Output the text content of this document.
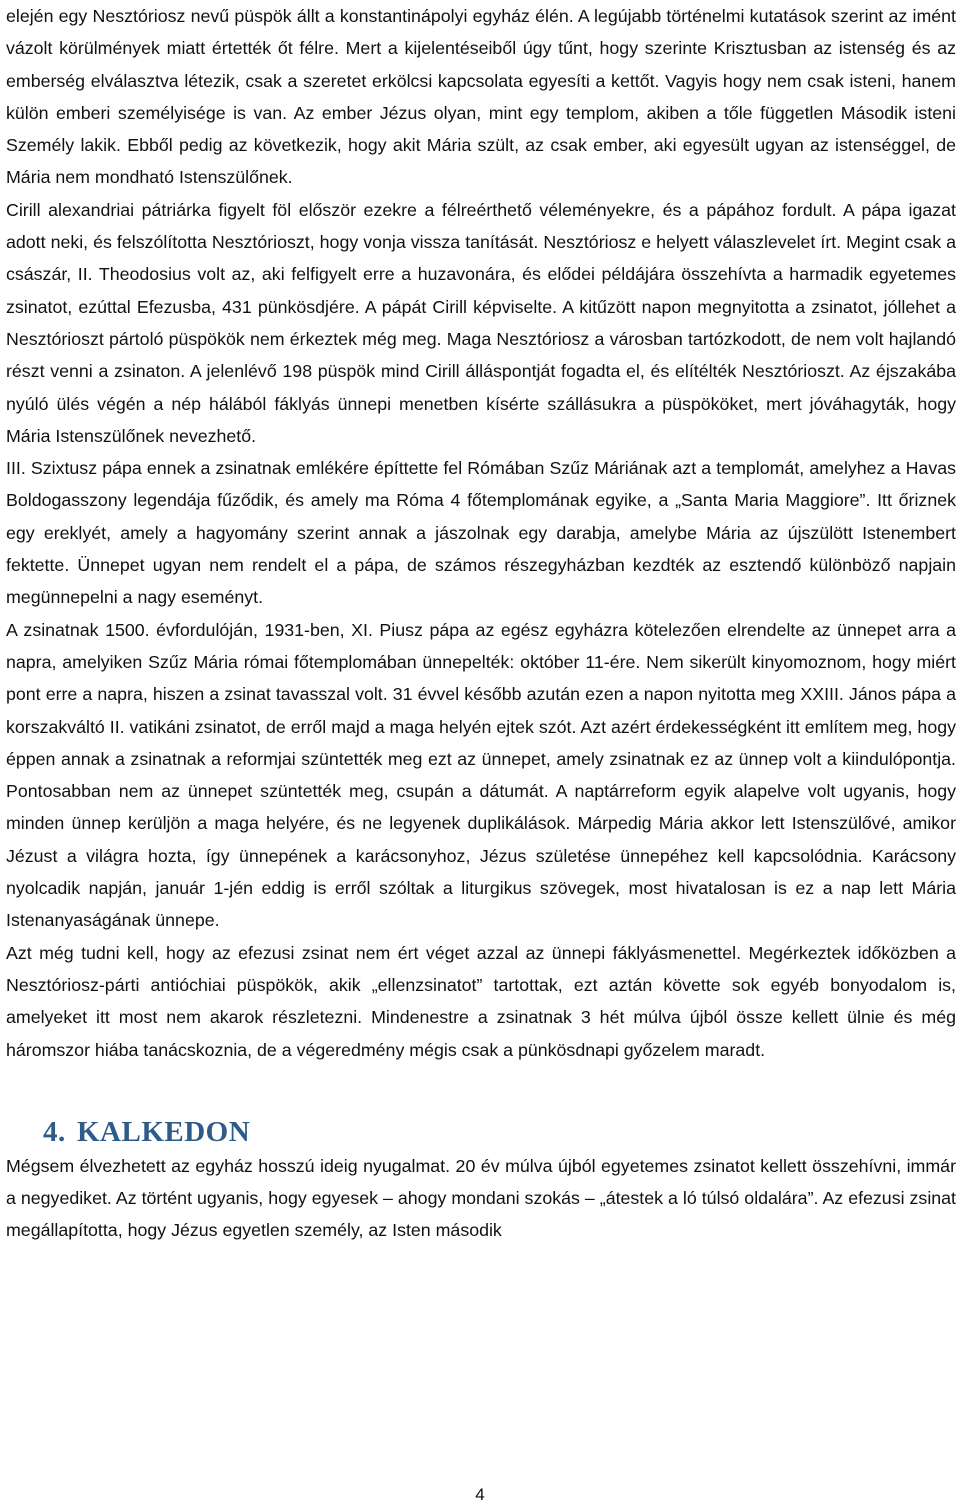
elején egy Nesztóriosz nevű püspök állt a konstantinápolyi egyház élén. A legújabb történelmi kutatások szerint az imént vázolt körülmények miatt értették őt félre. Mert a kijelentéseiből úgy tűnt, hogy szerinte Krisztusban az istenség és az emberség elválasztva létezik, csak a szeretet erkölcsi kapcsolata egyesíti a kettőt. Vagyis hogy nem csak isteni, hanem külön emberi személyisége is van. Az ember Jézus olyan, mint egy templom, akiben a tőle független Második isteni Személy lakik. Ebből pedig az következik, hogy akit Mária szült, az csak ember, aki egyesült ugyan az istenséggel, de Mária nem mondható Istenszülőnek.

Cirill alexandriai pátriárka figyelt föl először ezekre a félreérthető véleményekre, és a pápához fordult. A pápa igazat adott neki, és felszólította Nesztórioszt, hogy vonja vissza tanítását. Nesztóriosz e helyett válaszlevelet írt. Megint csak a császár, II. Theodosius volt az, aki felfigyelt erre a huzavonára, és elődei példájára összehívta a harmadik egyetemes zsinatot, ezúttal Efezusba, 431 pünkösdjére. A pápát Cirill képviselte. A kitűzött napon megnyitotta a zsinatot, jóllehet a Nesztórioszt pártoló püspökök nem érkeztek még meg. Maga Nesztóriosz a városban tartózkodott, de nem volt hajlandó részt venni a zsinaton. A jelenlévő 198 püspök mind Cirill álláspontját fogadta el, és elítélték Nesztórioszt. Az éjszakába nyúló ülés végén a nép hálából fáklyás ünnepi menetben kísérte szállásukra a püspököket, mert jóváhagyták, hogy Mária Istenszülőnek nevezhető.

III. Szixtusz pápa ennek a zsinatnak emlékére építtette fel Rómában Szűz Máriának azt a templomát, amelyhez a Havas Boldogasszony legendája fűződik, és amely ma Róma 4 főtemplomának egyike, a „Santa Maria Maggiore”. Itt őriznek egy ereklyét, amely a hagyomány szerint annak a jászolnak egy darabja, amelybe Mária az újszülött Istenembert fektette. Ünnepet ugyan nem rendelt el a pápa, de számos részegyházban kezdték az esztendő különböző napjain megünnepelni a nagy eseményt.

A zsinatnak 1500. évfordulóján, 1931-ben, XI. Piusz pápa az egész egyházra kötelezően elrendelte az ünnepet arra a napra, amelyiken Szűz Mária római főtemplomában ünnepelték: október 11-ére. Nem sikerült kinyomoznom, hogy miért pont erre a napra, hiszen a zsinat tavasszal volt. 31 évvel később azután ezen a napon nyitotta meg XXIII. János pápa a korszakváltó II. vatikáni zsinatot, de erről majd a maga helyén ejtek szót. Azt azért érdekességként itt említem meg, hogy éppen annak a zsinatnak a reformjai szüntették meg ezt az ünnepet, amely zsinatnak ez az ünnep volt a kiindulópontja. Pontosabban nem az ünnepet szüntették meg, csupán a dátumát. A naptárreform egyik alapelve volt ugyanis, hogy minden ünnep kerüljön a maga helyére, és ne legyenek duplikálások. Márpedig Mária akkor lett Istenszülővé, amikor Jézust a világra hozta, így ünnepének a karácsonyhoz, Jézus születése ünnepéhez kell kapcsolódnia. Karácsony nyolcadik napján, január 1-jén eddig is erről szóltak a liturgikus szövegek, most hivatalosan is ez a nap lett Mária Istenanyaságának ünnepe.

Azt még tudni kell, hogy az efezusi zsinat nem ért véget azzal az ünnepi fáklyásmenettel. Megérkeztek időközben a Nesztóriosz-párti antióchiai püspökök, akik „ellenzsinatot” tartottak, ezt aztán követte sok egyéb bonyodalom is, amelyeket itt most nem akarok részletezni. Mindenestre a zsinatnak 3 hét múlva újból össze kellett ülnie és még háromszor hiába tanácskoznia, de a végeredmény mégis csak a pünkösdnapi győzelem maradt.

4. KALKEDON

Mégsem élvezhetett az egyház hosszú ideig nyugalmat. 20 év múlva újból egyetemes zsinatot kellett összehívni, immár a negyediket. Az történt ugyanis, hogy egyesek – ahogy mondani szokás – „átestek a ló túlsó oldalára”. Az efezusi zsinat megállapította, hogy Jézus egyetlen személy, az Isten második

4
